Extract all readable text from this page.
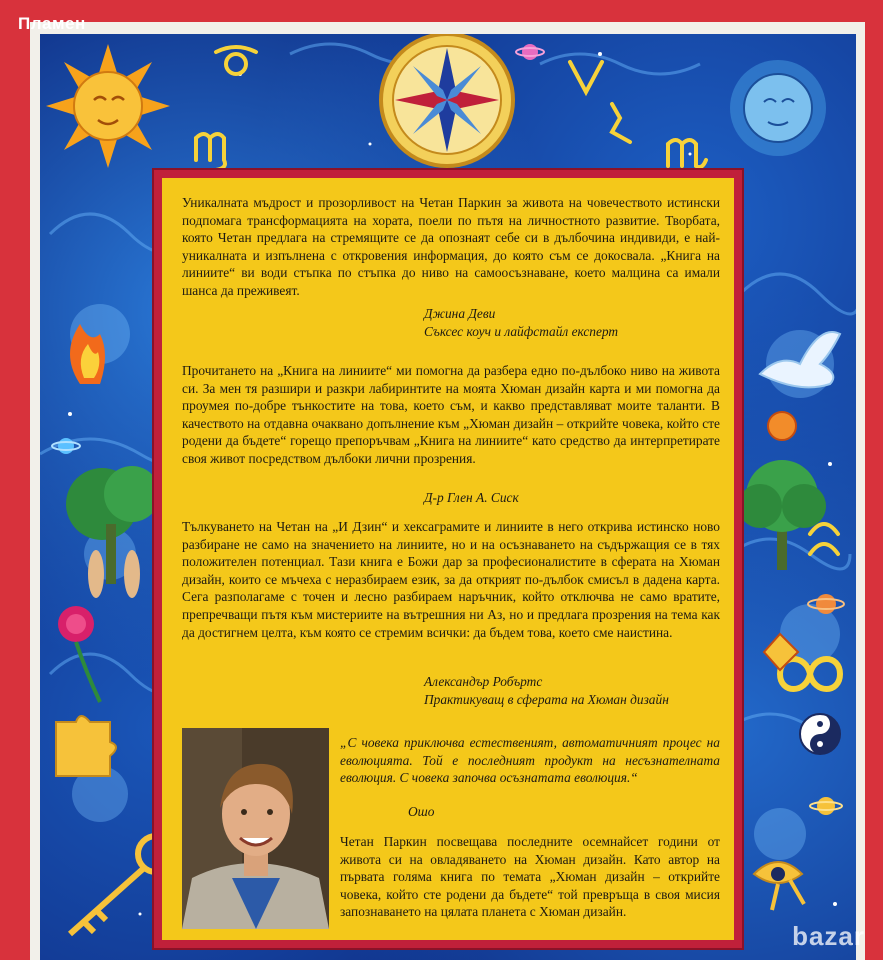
Пламен

Уникалната мъдрост и прозорливост на Четан Паркин за живота на човечеството истински подпомага трансформацията на хората, поели по пътя на личностното развитие. Творбата, която Четан предлага на стремящите се да опознаят себе си в дълбочина индивиди, е най-уникалната и изпълнена с откровения информация, до която съм се докосвала. „Книга на линиите“ ви води стъпка по стъпка до ниво на самоосъзнаване, което малцина са имали шанса да преживеят.

Джина Деви
Съксес коуч и лайфстайл експерт

Прочитането на „Книга на линиите“ ми помогна да разбера едно по-дълбоко ниво на живота си. За мен тя разшири и разкри лабиринтите на моята Хюман дизайн карта и ми помогна да проумея по-добре тънкостите на това, което съм, и какво представляват моите таланти. В качеството на отдавна очаквано допълнение към „Хюман дизайн – открийте човека, който сте родени да бъдете“ горещо препоръчвам „Книга на линиите“ като средство да интерпретирате своя живот посредством дълбоки лични прозрения.

Д-р Глен А. Сиск

Тълкуването на Четан на „И Дзин“ и хексаграмите и линиите в него открива истинско ново разбиране не само на значението на линиите, но и на осъзнаването на съдържащия се в тях положителен потенциал. Тази книга е Божи дар за професионалистите в сферата на Хюман дизайн, които се мъчеха с неразбираем език, за да открият по-дълбок смисъл в дадена карта. Сега разполагаме с точен и лесно разбираем наръчник, който отключва не само вратите, препречващи пътя към мистериите на вътрешния ни Аз, но и предлага прозрения на тема как да достигнем целта, към която се стремим всички: да бъдем това, което сме наистина.

Александър Робъртс
Практикуващ в сферата на Хюман дизайн

„С човека приключва естественият, автоматичният процес на еволюцията. Той е последният продукт на несъзнателната еволюция. С човека започва осъзнатата еволюция.“

Ошо

Четан Паркин посвещава последните осемнайсет години от живота си на овладяването на Хюман дизайн. Като автор на първата голяма книга по темата „Хюман дизайн – открийте човека, който сте родени да бъдете“ той превръща в своя мисия запознаването на цялата планета с Хюман дизайн.

bazar
